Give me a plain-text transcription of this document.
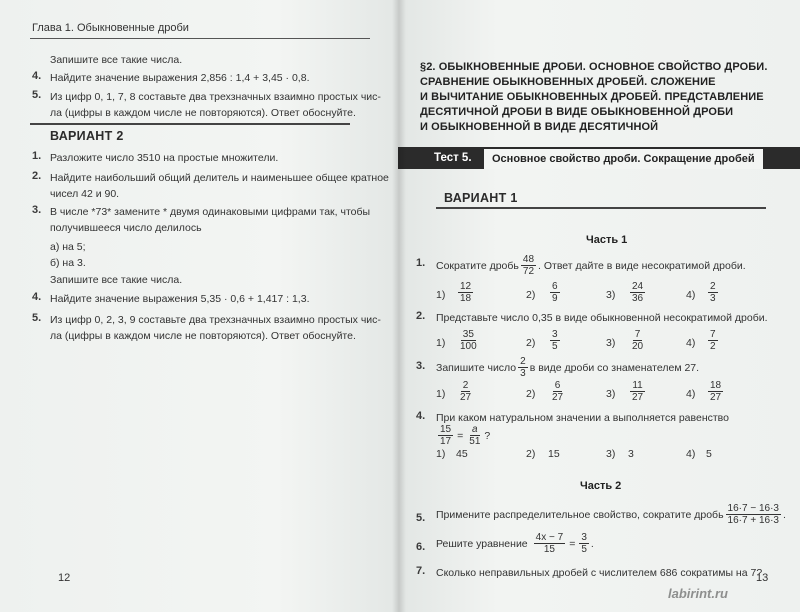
Глава 1. Обыкновенные дроби
Запишите все такие числа.
4. Найдите значение выражения 2,856 : 1,4 + 3,45 · 0,8.
5. Из цифр 0, 1, 7, 8 составьте два трехзначных взаимно простых чис-
ла (цифры в каждом числе не повторяются). Ответ обоснуйте.
ВАРИАНТ 2
1. Разложите число 3510 на простые множители.
2. Найдите наибольший общий делитель и наименьшее общее кратное
чисел 42 и 90.
3. В числе *73* замените * двумя одинаковыми цифрами так, чтобы
получившееся число делилось
а) на 5;
б) на 3.
Запишите все такие числа.
4. Найдите значение выражения 5,35 · 0,6 + 1,417 : 1,3.
5. Из цифр 0, 2, 3, 9 составьте два трехзначных взаимно простых чис-
ла (цифры в каждом числе не повторяются). Ответ обоснуйте.
12
§2. ОБЫКНОВЕННЫЕ ДРОБИ. ОСНОВНОЕ СВОЙСТВО ДРОБИ.
СРАВНЕНИЕ ОБЫКНОВЕННЫХ ДРОБЕЙ. СЛОЖЕНИЕ
И ВЫЧИТАНИЕ ОБЫКНОВЕННЫХ ДРОБЕЙ. ПРЕДСТАВЛЕНИЕ
ДЕСЯТИЧНОЙ ДРОБИ В ВИДЕ ОБЫКНОВЕННОЙ ДРОБИ
И ОБЫКНОВЕННОЙ В ВИДЕ ДЕСЯТИЧНОЙ
Тест 5.	Основное свойство дроби. Сокращение дробей
ВАРИАНТ 1
Часть 1
1. Сократите дробь $\frac{48}{72}$ . Ответ дайте в виде несократимой дроби.
$1) \frac{12}{18}$	$2) \frac{6}{9}$	$3) \frac{24}{36}$	$4) \frac{2}{3}$
2. Представьте число 0,35 в виде обыкновенной несократимой дроби.
$1) \frac{35}{100}$	$2) \frac{3}{5}$	$3) \frac{7}{20}$	$4) \frac{7}{2}$
3. Запишите число $\frac{2}{3}$ в виде дроби со знаменателем 27.
$1) \frac{2}{27}$	$2) \frac{6}{27}$	$3) \frac{11}{27}$	$4) \frac{18}{27}$
4. При каком натуральном значении a выполняется равенство
$\frac{15}{17} = \frac{a}{51}$ ?
1) 45	2) 15	3) 3	4) 5
Часть 2
5. Примените распределительное свойство, сократите дробь $\frac{16\cdot 7 - 16\cdot 3}{16\cdot 7 + 16\cdot 3}$ .
6. Решите уравнение $\frac{4x - 7}{15} = \frac{3}{5}$ .
7. Сколько неправильных дробей с числителем 686 сократимы на 7?
13
labirint.ru
